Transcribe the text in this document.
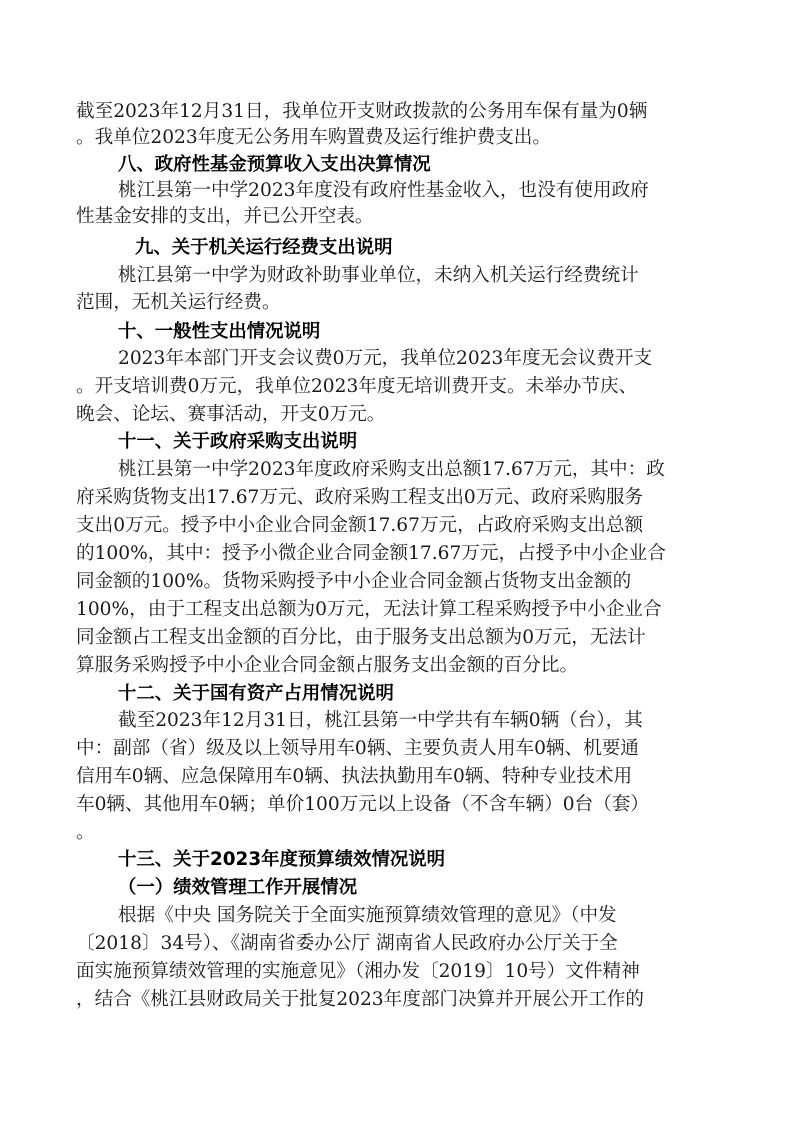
截至2023年12月31日，我单位开支财政拨款的公务用车保有量为0辆
。我单位2023年度无公务用车购置费及运行维护费支出。
八、政府性基金预算收入支出决算情况
桃江县第一中学2023年度没有政府性基金收入，也没有使用政府
性基金安排的支出，并已公开空表。
九、关于机关运行经费支出说明
桃江县第一中学为财政补助事业单位，未纳入机关运行经费统计
范围，无机关运行经费。
十、一般性支出情况说明
2023年本部门开支会议费0万元，我单位2023年度无会议费开支
。开支培训费0万元，我单位2023年度无培训费开支。未举办节庆、
晚会、论坛、赛事活动，开支0万元。
十一、关于政府采购支出说明
桃江县第一中学2023年度政府采购支出总额17.67万元，其中：政
府采购货物支出17.67万元、政府采购工程支出0万元、政府采购服务
支出0万元。授予中小企业合同金额17.67万元，占政府采购支出总额
的100%，其中：授予小微企业合同金额17.67万元，占授予中小企业合
同金额的100%。货物采购授予中小企业合同金额占货物支出金额的
100%，由于工程支出总额为0万元，无法计算工程采购授予中小企业合
同金额占工程支出金额的百分比，由于服务支出总额为0万元，无法计
算服务采购授予中小企业合同金额占服务支出金额的百分比。
十二、关于国有资产占用情况说明
截至2023年12月31日，桃江县第一中学共有车辆0辆（台），其
中：副部（省）级及以上领导用车0辆、主要负责人用车0辆、机要通
信用车0辆、应急保障用车0辆、执法执勤用车0辆、特种专业技术用
车0辆、其他用车0辆；单价100万元以上设备（不含车辆）0台（套）
。
十三、关于2023年度预算绩效情况说明
（一）绩效管理工作开展情况
根据《中央 国务院关于全面实施预算绩效管理的意见》（中发
〔2018〕34号）、《湖南省委办公厅 湖南省人民政府办公厅关于全
面实施预算绩效管理的实施意见》（湘办发〔2019〕10号）文件精神
，结合《桃江县财政局关于批复2023年度部门决算并开展公开工作的
